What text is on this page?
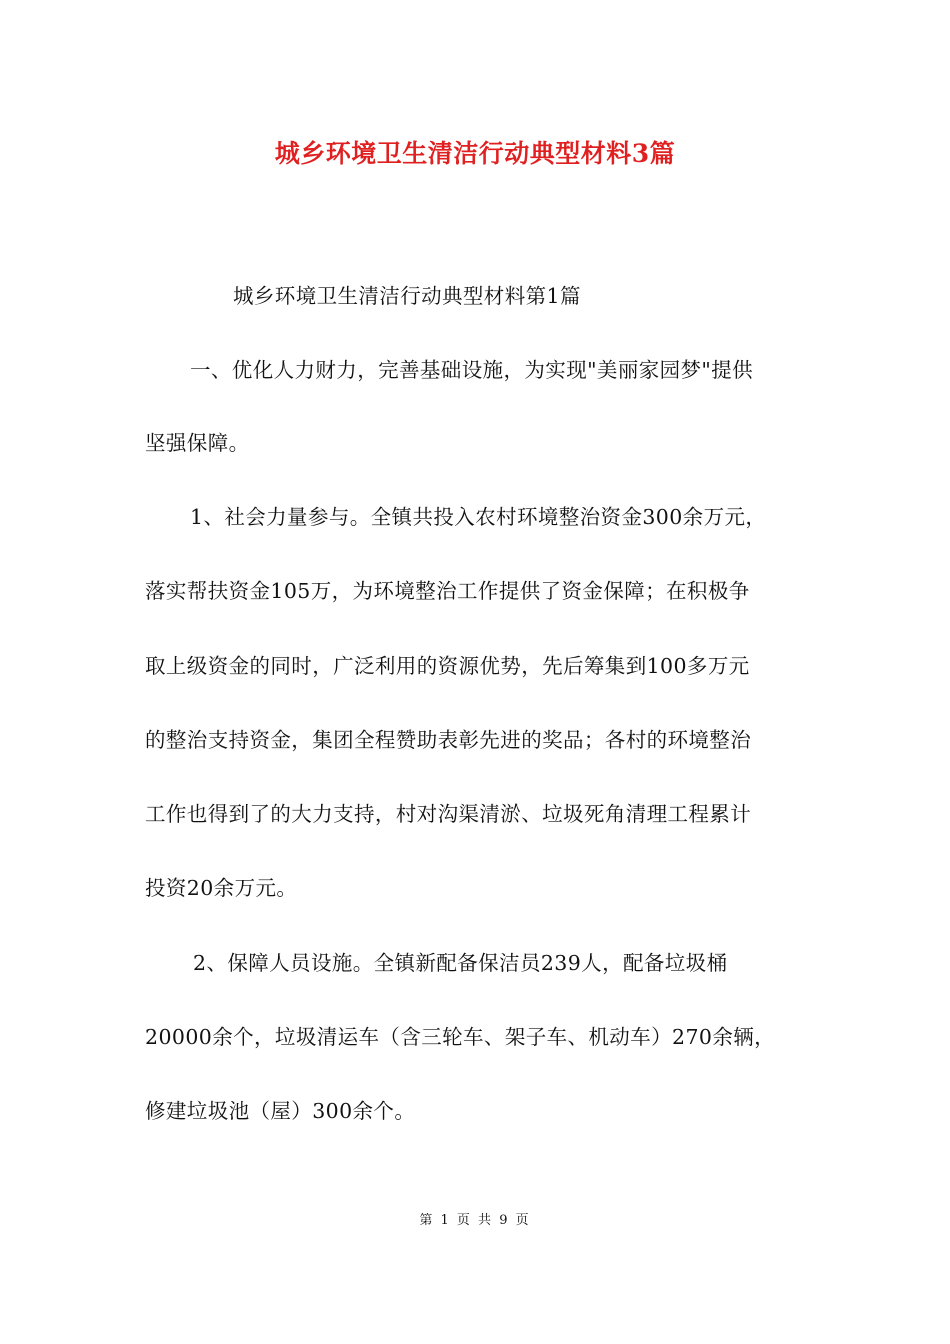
城乡环境卫生清洁行动典型材料3篇
城乡环境卫生清洁行动典型材料第1篇
一、优化人力财力，完善基础设施，为实现"美丽家园梦"提供
坚强保障。
1、社会力量参与。全镇共投入农村环境整治资金300余万元，
落实帮扶资金105万，为环境整治工作提供了资金保障；在积极争
取上级资金的同时，广泛利用的资源优势，先后筹集到100多万元
的整治支持资金，集团全程赞助表彰先进的奖品；各村的环境整治
工作也得到了的大力支持，村对沟渠清淤、垃圾死角清理工程累计
投资20余万元。
2、保障人员设施。全镇新配备保洁员239人，配备垃圾桶
20000余个，垃圾清运车（含三轮车、架子车、机动车）270余辆，
修建垃圾池（屋）300余个。
第 1 页 共 9 页
